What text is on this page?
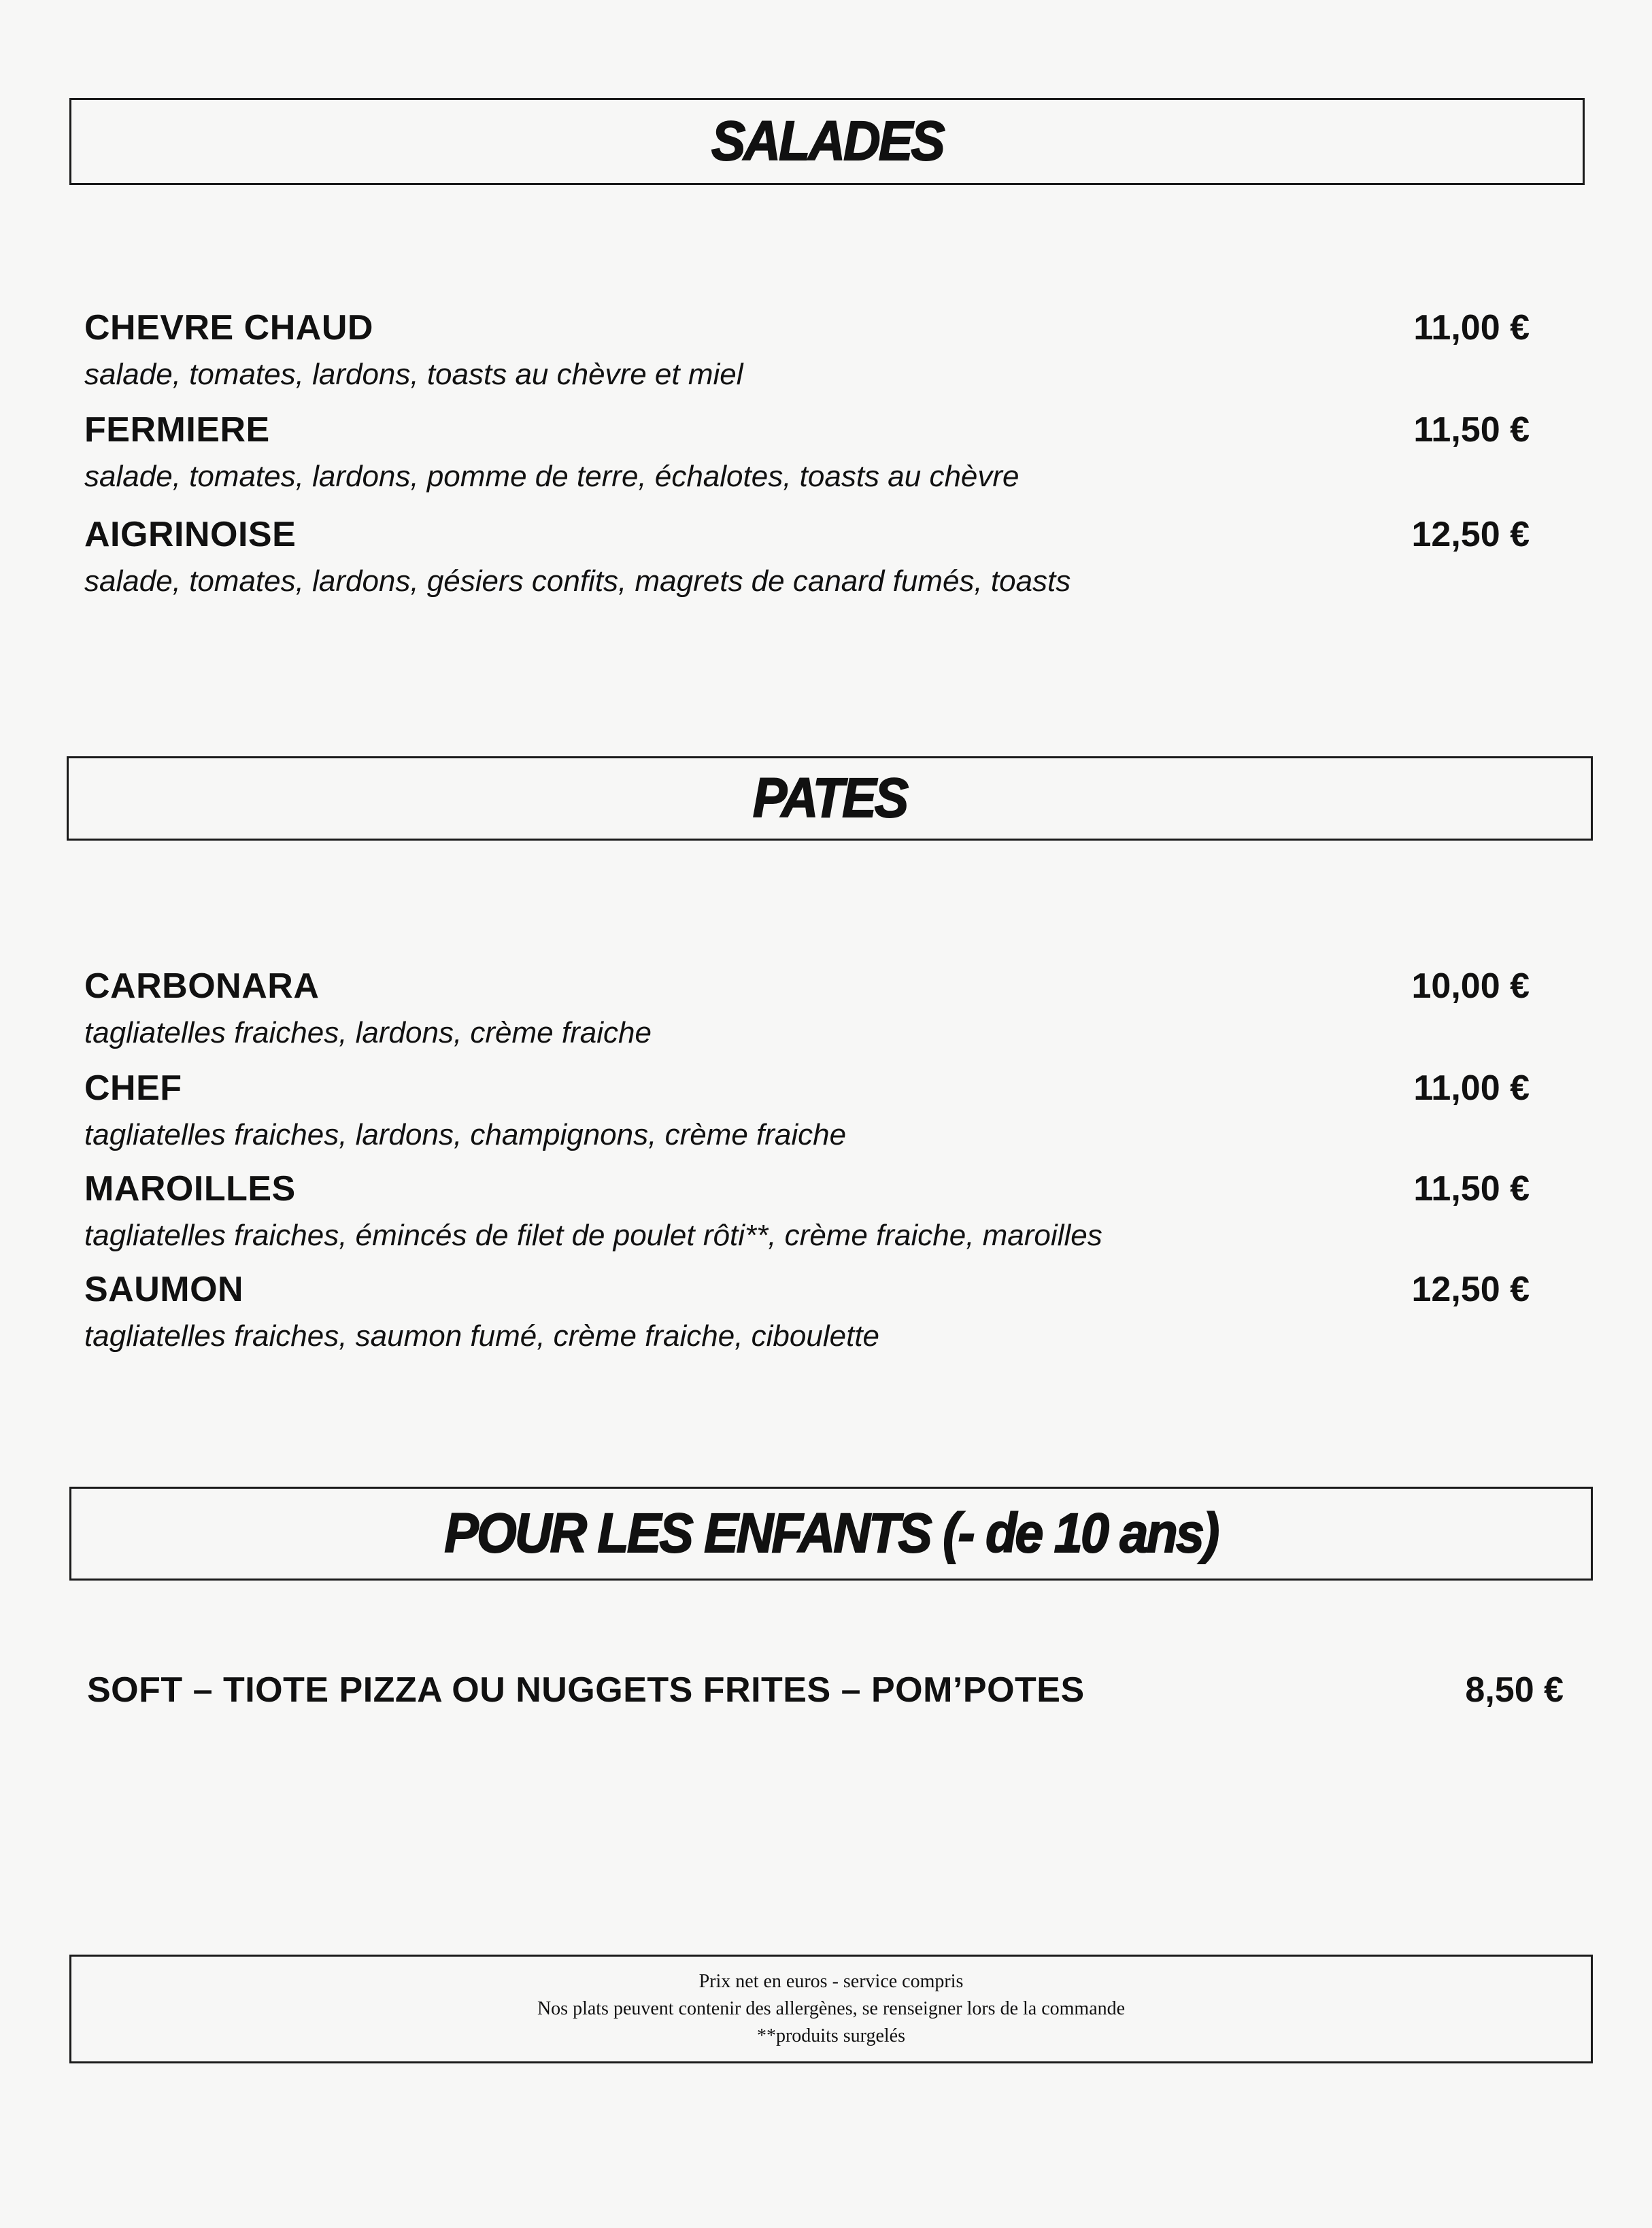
SALADES
CHEVRE CHAUD	11,00 €
salade, tomates, lardons, toasts au chèvre et miel
FERMIERE	11,50 €
salade, tomates, lardons, pomme de terre, échalotes, toasts au chèvre
AIGRINOISE	12,50 €
salade, tomates, lardons, gésiers confits, magrets de canard fumés, toasts
PATES
CARBONARA	10,00 €
tagliatelles fraiches, lardons, crème fraiche
CHEF	11,00 €
tagliatelles fraiches, lardons, champignons, crème fraiche
MAROILLES	11,50 €
tagliatelles fraiches, émincés de filet de poulet rôti**, crème fraiche, maroilles
SAUMON	12,50 €
tagliatelles fraiches, saumon fumé, crème fraiche, ciboulette
POUR LES ENFANTS (- de 10 ans)
SOFT – TIOTE PIZZA OU NUGGETS FRITES – POM’POTES	8,50 €
Prix net en euros - service compris
Nos plats peuvent contenir des allergènes, se renseigner lors de la commande
**produits surgelés
